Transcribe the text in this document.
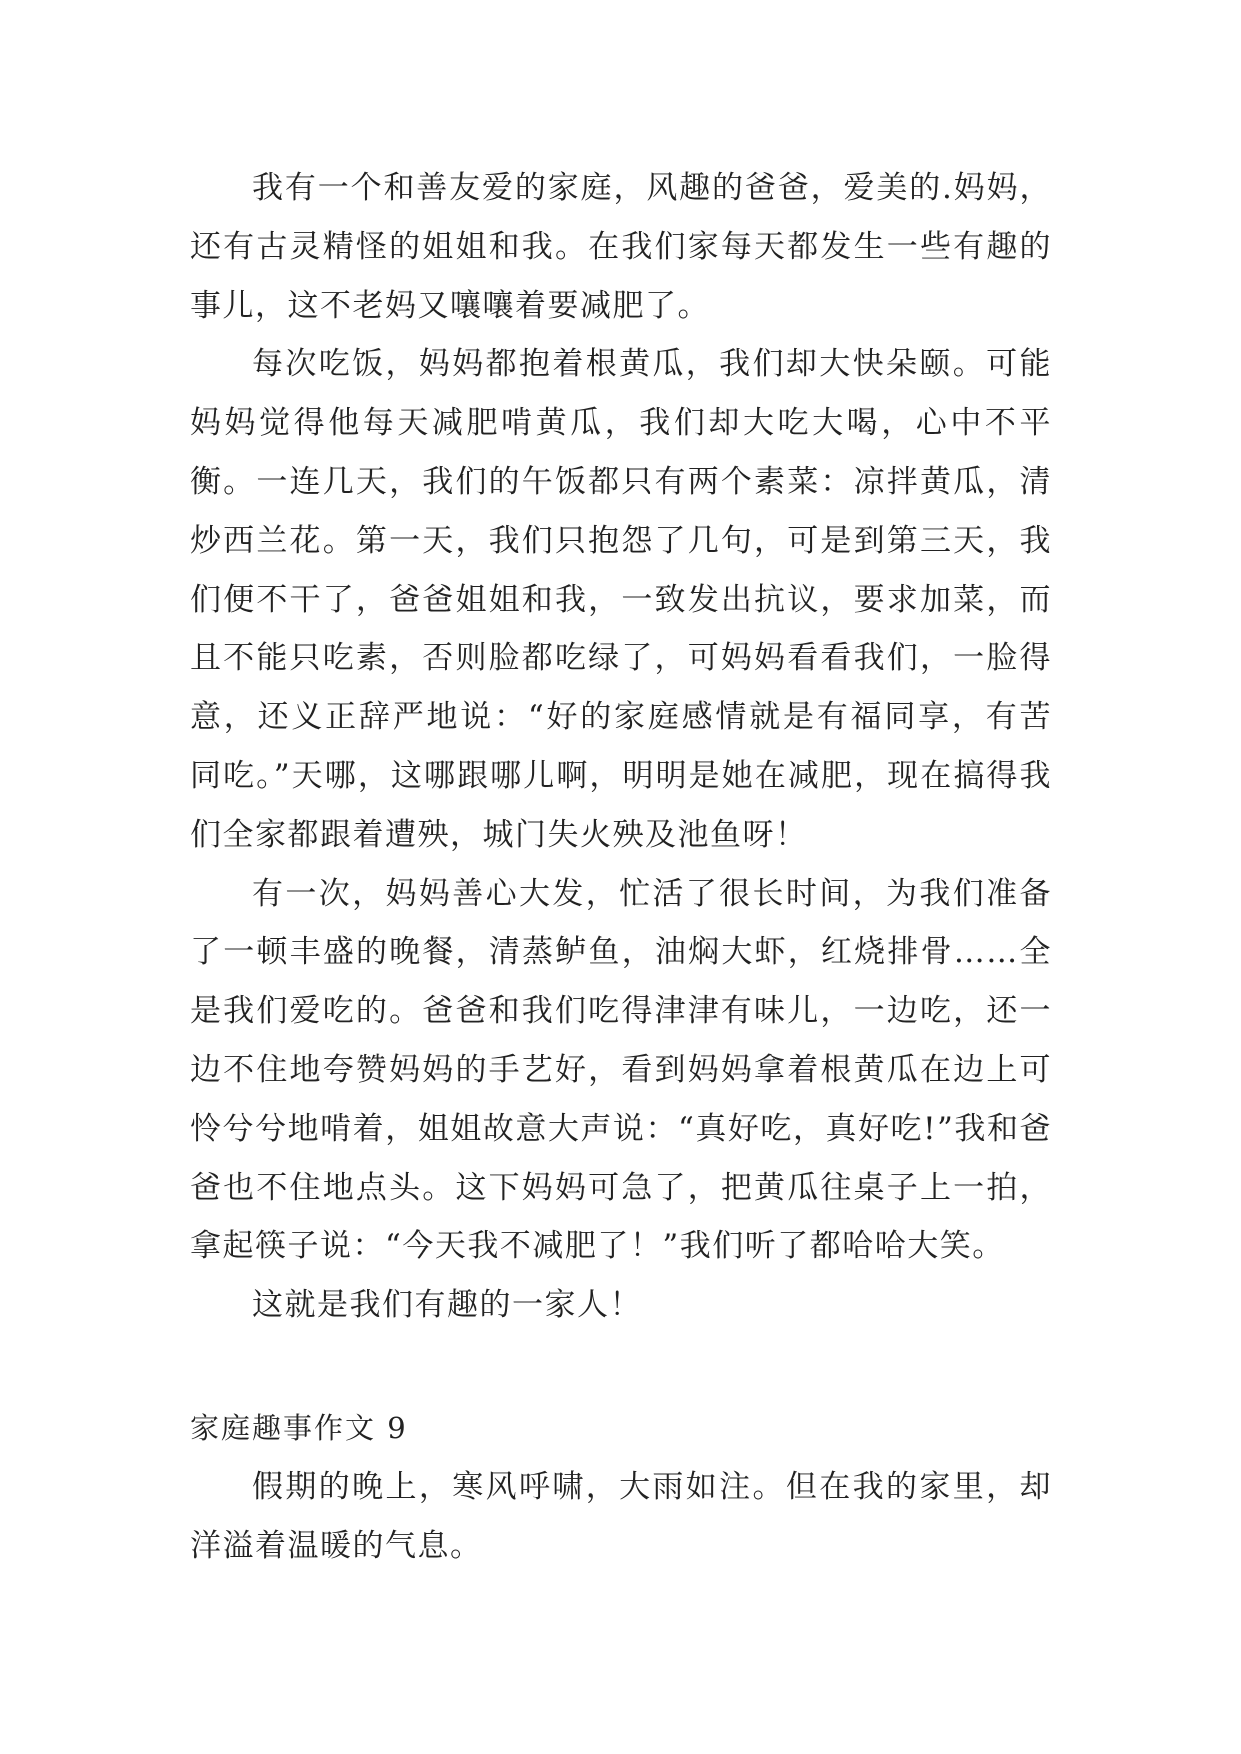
我有一个和善友爱的家庭，风趣的爸爸，爱美的.妈妈，还有古灵精怪的姐姐和我。在我们家每天都发生一些有趣的事儿，这不老妈又嚷嚷着要减肥了。

每次吃饭，妈妈都抱着根黄瓜，我们却大快朵颐。可能妈妈觉得他每天减肥啃黄瓜，我们却大吃大喝，心中不平衡。一连几天，我们的午饭都只有两个素菜：凉拌黄瓜，清炒西兰花。第一天，我们只抱怨了几句，可是到第三天，我们便不干了，爸爸姐姐和我，一致发出抗议，要求加菜，而且不能只吃素，否则脸都吃绿了，可妈妈看看我们，一脸得意，还义正辞严地说：“好的家庭感情就是有福同享，有苦同吃。”天哪，这哪跟哪儿啊，明明是她在减肥，现在搞得我们全家都跟着遭殃，城门失火殃及池鱼呀！

有一次，妈妈善心大发，忙活了很长时间，为我们准备了一顿丰盛的晚餐，清蒸鲈鱼，油焖大虾，红烧排骨……全是我们爱吃的。爸爸和我们吃得津津有味儿，一边吃，还一边不住地夸赞妈妈的手艺好，看到妈妈拿着根黄瓜在边上可怜兮兮地啃着，姐姐故意大声说：“真好吃，真好吃!”我和爸爸也不住地点头。这下妈妈可急了，把黄瓜往桌子上一拍，拿起筷子说：“今天我不减肥了！”我们听了都哈哈大笑。

这就是我们有趣的一家人！

家庭趣事作文 9

假期的晚上，寒风呼啸，大雨如注。但在我的家里，却洋溢着温暖的气息。
